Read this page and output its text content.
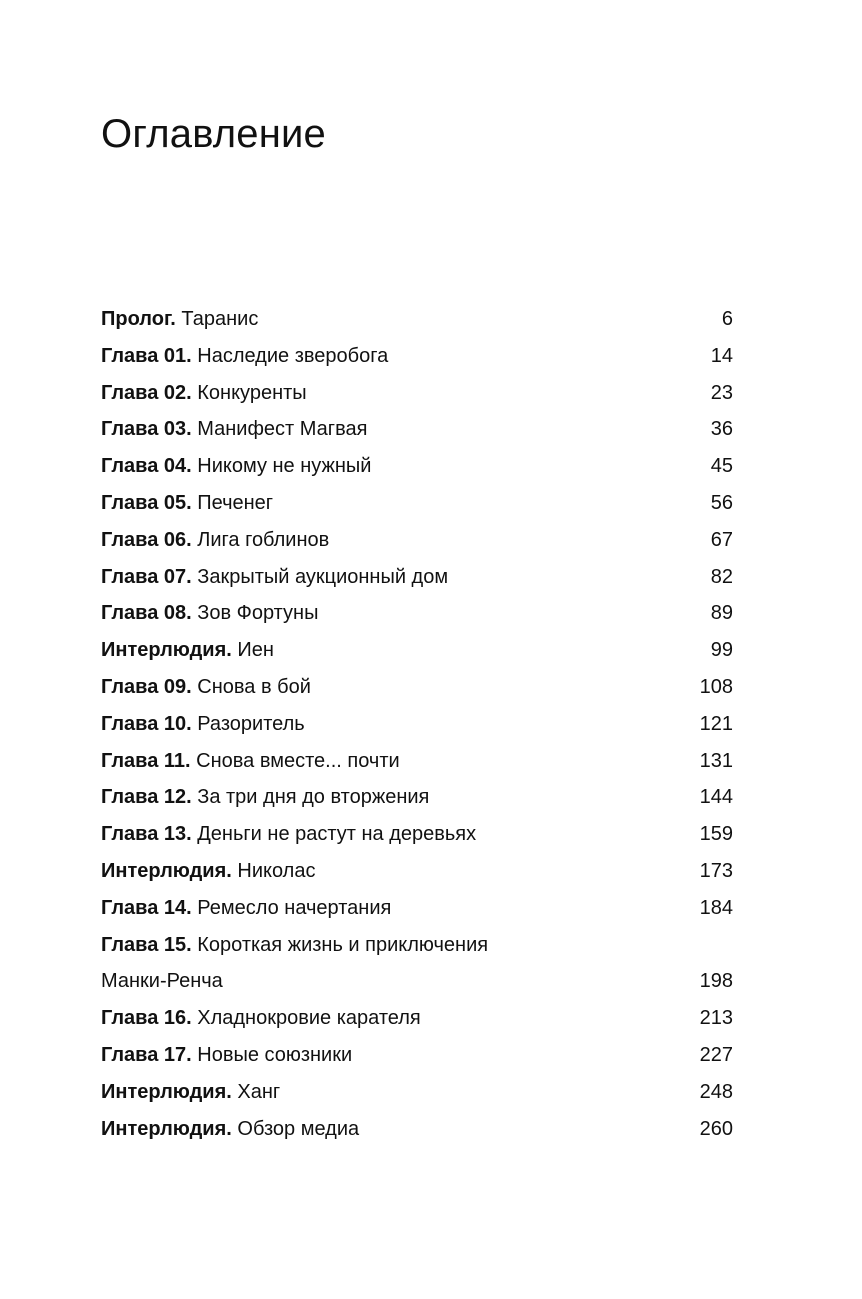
Оглавление
Пролог. Таранис	6
Глава 01. Наследие зверобога	14
Глава 02. Конкуренты	23
Глава 03. Манифест Магвая	36
Глава 04. Никому не нужный	45
Глава 05. Печенег	56
Глава 06. Лига гоблинов	67
Глава 07. Закрытый аукционный дом	82
Глава 08. Зов Фортуны	89
Интерлюдия. Иен	99
Глава 09. Снова в бой	108
Глава 10. Разоритель	121
Глава 11. Снова вместе... почти	131
Глава 12. За три дня до вторжения	144
Глава 13. Деньги не растут на деревьях	159
Интерлюдия. Николас	173
Глава 14. Ремесло начертания	184
Глава 15. Короткая жизнь и приключения
Манки-Ренча	198
Глава 16. Хладнокровие карателя	213
Глава 17. Новые союзники	227
Интерлюдия. Ханг	248
Интерлюдия. Обзор медиа	260
